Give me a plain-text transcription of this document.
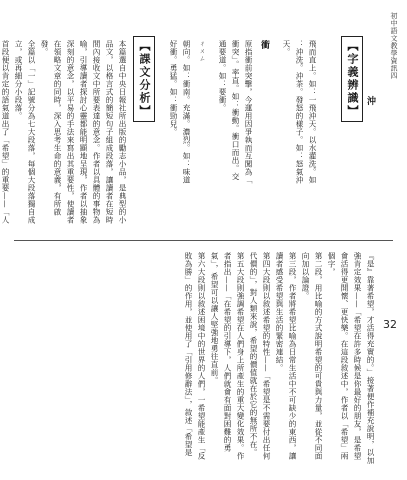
初中語文教學資訊四
32
【字義辨識】 沖

飛而直上。如：一飛沖天。以水灌洗。如

：沖洗。沖茶。發怒的樣子。如：怒氣沖

天。

衝

原指衝前突擊，今運用因爭執而互闖為「

衝突」。率直。如：衝動。衝口而出。交

通要道。如：要衝。

ㄔㄨㄥ

朝向。如：衝南。充滿。濃烈。如：味道

好衝。勇猛。如：衝勁兒。

【課文分析】

本篇選自中央日報社所出版的勵志小品，是典型的小品文，以格言式的簡短句子組成段落，讓讀者在短時間內接收文中所要表達的意念。作者以具體的事物為喻，引導讀者探討心靈都能明顯地呈現，作者以抽象深刻的意念，以平易的手法來寫出其重要性，使讀者在領略文章的同時，深入思考生命的意義，有所啟發。

全篇以「一」記號分為七大段落，每個大段落獨自成立，或再細分小段落。

首段便以肯定的語氣道出了「希望」的重要——「人

『是』靠著希望，才活得充實的。」接著便作補充說明，以加強肯定效果——「希望在許多時候是你最好的朋友，是希望會活得更開懷、更快樂。在這段敘述中，作者以「希望」兩個字，

第二段，用比喻的方式說明希望的可貴與力量，並從不同面向加以論證。

第三段，作者將希望比喻為日常生活中不可缺少的東西，讓讀者感受希望與生活的緊密連結。

第四大段則以敘述希望的特性——「希望是不需要付出任何代價的」，對人類來說，希望的價值就在於它的無所不在。

第五大段則強調希望在人們身上所產生的重大變化效果。作者指出——「在希望的引導下，人們就會有面對困難的勇氣」，希望可以讓人堅強地勇往直前。

第六大段則以敘述困境中的世界的人們，一希望能產生「反敗為勝」的作用，並使用了「引用修辭法」，敘述「希望是
